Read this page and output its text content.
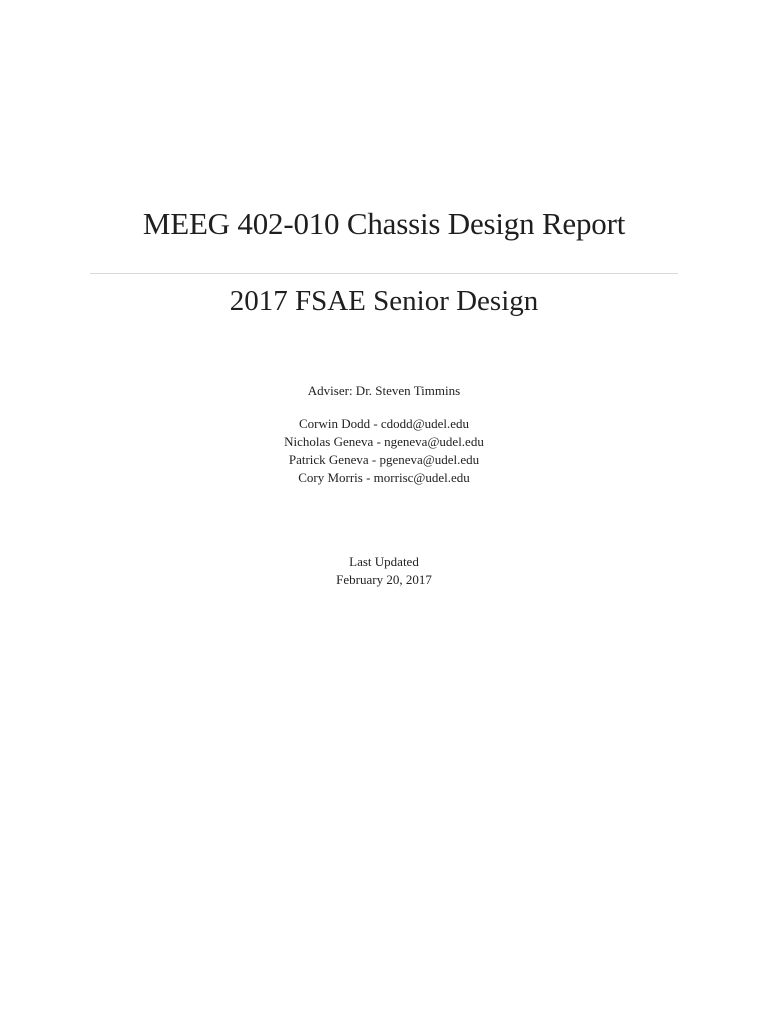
MEEG 402-010 Chassis Design Report
2017 FSAE Senior Design
Adviser: Dr. Steven Timmins
Corwin Dodd - cdodd@udel.edu
Nicholas Geneva - ngeneva@udel.edu
Patrick Geneva - pgeneva@udel.edu
Cory Morris - morrisc@udel.edu
Last Updated
February 20, 2017
